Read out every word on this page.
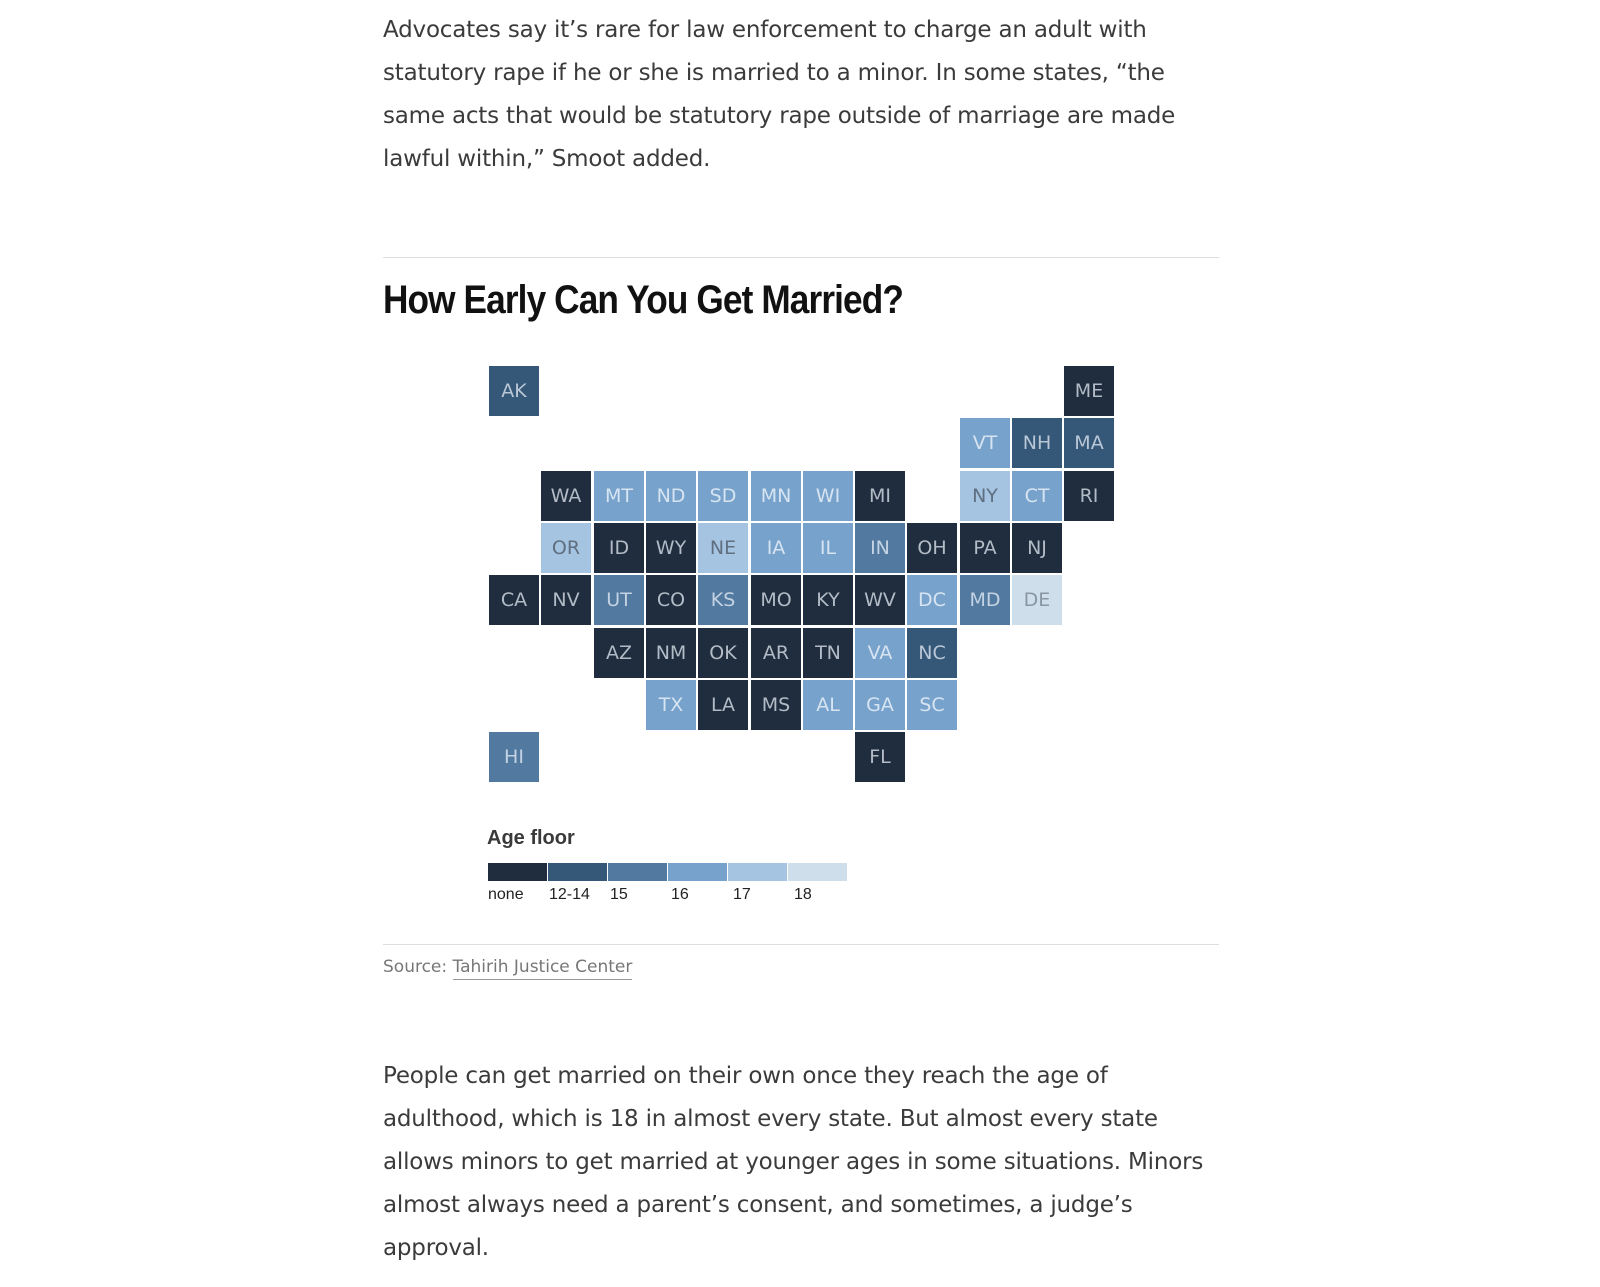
Advocates say it’s rare for law enforcement to charge an adult with statutory rape if he or she is married to a minor. In some states, “the same acts that would be statutory rape outside of marriage are made lawful within,” Smoot added.

How Early Can You Get Married?
AK	ME
VT	NH	MA
WA	MT	ND	SD	MN	WI	MI	NY	CT	RI
OR	ID	WY	NE	IA	IL	IN	OH	PA	NJ
CA	NV	UT	CO	KS	MO	KY	WV	DC	MD	DE
AZ	NM	OK	AR	TN	VA	NC
TX	LA	MS	AL	GA	SC
HI	FL
Age floor
none 12-14 15	16	17	18
Source: Tahirih Justice Center

People can get married on their own once they reach the age of adulthood, which is 18 in almost every state. But almost every state allows minors to get married at younger ages in some situations. Minors almost always need a parent’s consent, and sometimes, a judge’s approval.
